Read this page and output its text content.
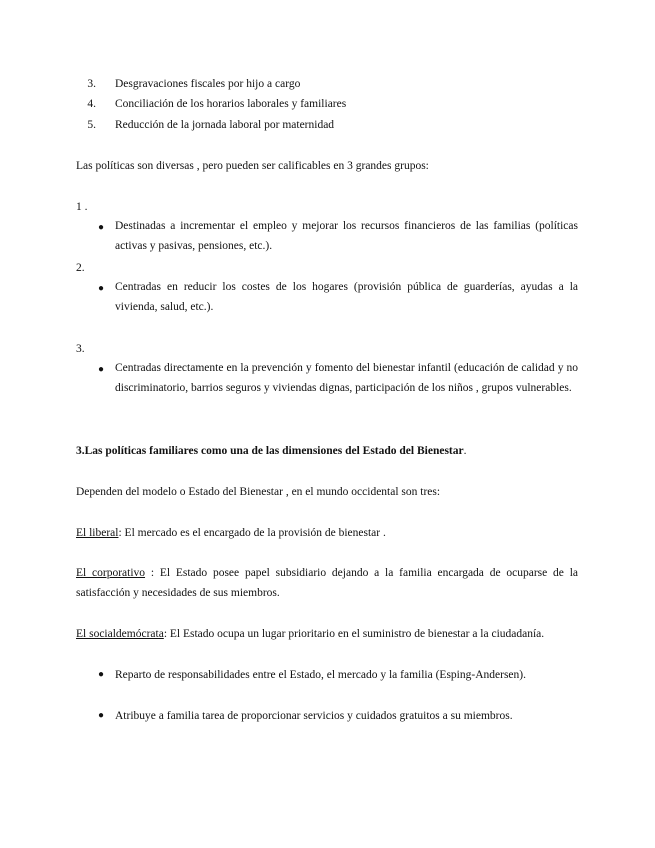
3. Desgravaciones fiscales por hijo a cargo
4. Conciliación de los horarios laborales y familiares
5. Reducción de la jornada laboral por maternidad
Las políticas son diversas , pero pueden ser calificables en 3 grandes grupos:
1 .
● Destinadas a incrementar el empleo y mejorar los recursos financieros de las familias (políticas activas y pasivas, pensiones, etc.).
2.
● Centradas en reducir los costes de los hogares (provisión pública de guarderías, ayudas a la vivienda, salud, etc.).
3.
● Centradas directamente en la prevención y fomento del bienestar infantil (educación de calidad y no discriminatorio, barrios seguros y viviendas dignas, participación de los niños , grupos vulnerables.
3.Las políticas familiares como una de las dimensiones del Estado del Bienestar.
Dependen del modelo o Estado del Bienestar , en el mundo occidental son tres:
El liberal: El mercado es el encargado de la provisión de bienestar .
El corporativo : El Estado posee papel subsidiario dejando a la familia encargada de ocuparse de la satisfacción y necesidades de sus miembros.
El socialdemócrata: El Estado ocupa un lugar prioritario en el suministro de bienestar a la ciudadanía.
● Reparto de responsabilidades entre el Estado, el mercado y la familia (Esping-Andersen).
● Atribuye a familia tarea de proporcionar servicios y cuidados gratuitos a su miembros.
